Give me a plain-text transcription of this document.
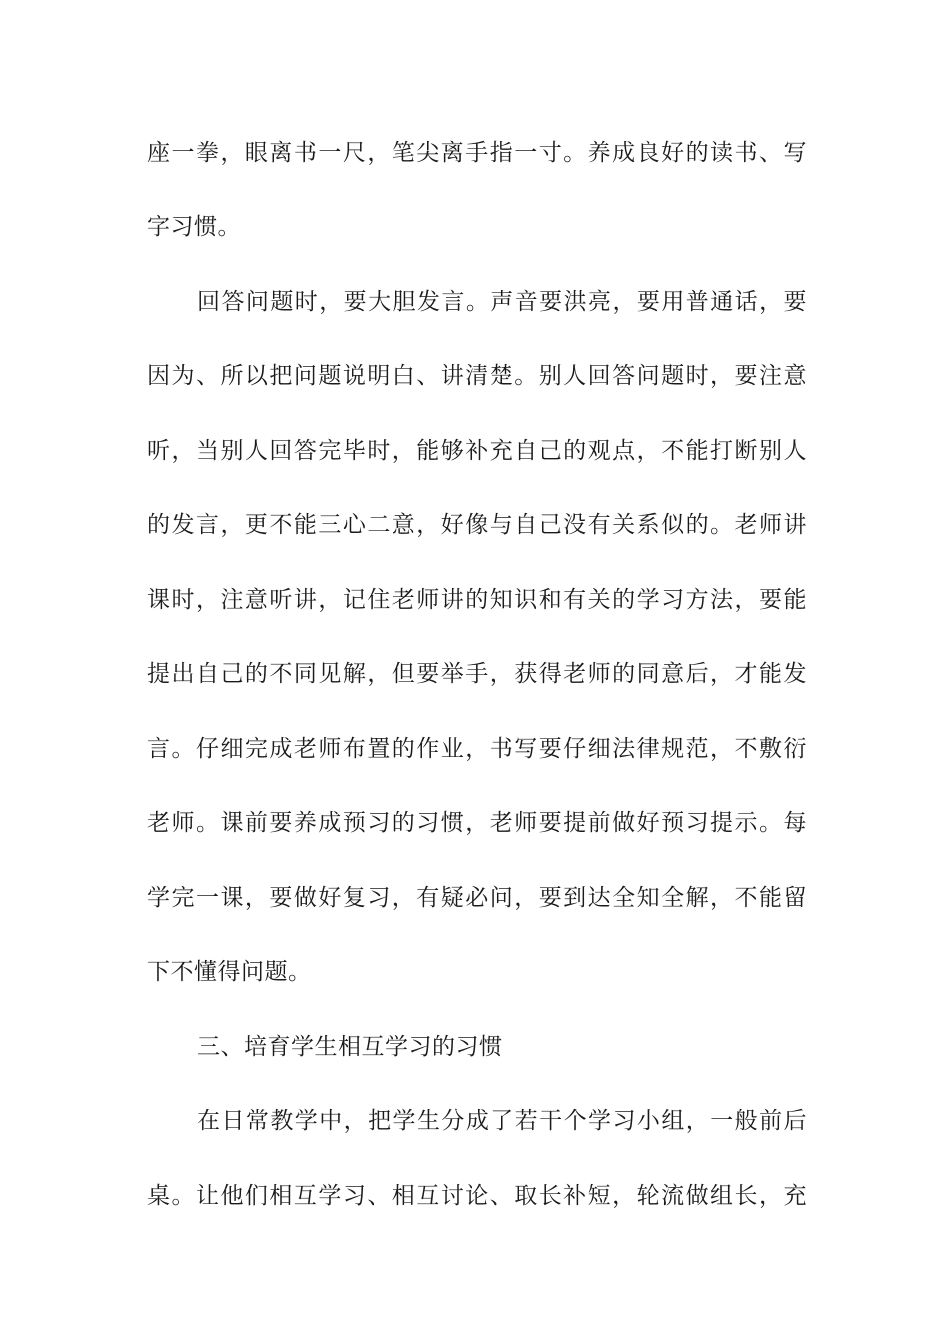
座一拳，眼离书一尺，笔尖离手指一寸。养成良好的读书、写
字习惯。
回答问题时，要大胆发言。声音要洪亮，要用普通话，要
因为、所以把问题说明白、讲清楚。别人回答问题时，要注意
听，当别人回答完毕时，能够补充自己的观点，不能打断别人
的发言，更不能三心二意，好像与自己没有关系似的。老师讲
课时，注意听讲，记住老师讲的知识和有关的学习方法，要能
提出自己的不同见解，但要举手，获得老师的同意后，才能发
言。仔细完成老师布置的作业，书写要仔细法律规范，不敷衍
老师。课前要养成预习的习惯，老师要提前做好预习提示。每
学完一课，要做好复习，有疑必问，要到达全知全解，不能留
下不懂得问题。
三、培育学生相互学习的习惯
在日常教学中，把学生分成了若干个学习小组，一般前后
桌。让他们相互学习、相互讨论、取长补短，轮流做组长，充
